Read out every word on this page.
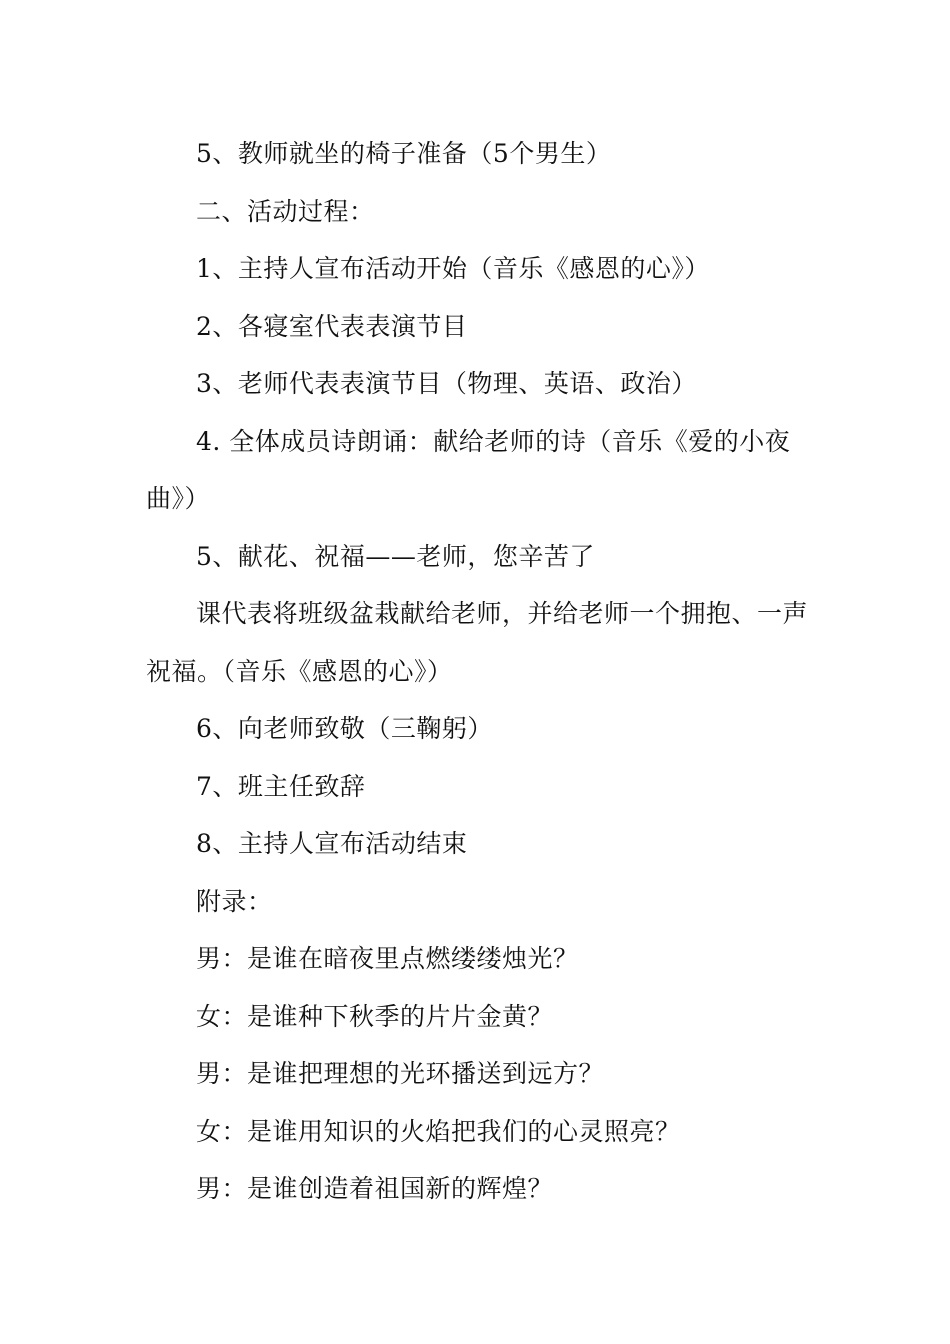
5、教师就坐的椅子准备（5个男生）

二、活动过程：

1、主持人宣布活动开始（音乐《感恩的心》）

2、各寝室代表表演节目

3、老师代表表演节目（物理、英语、政治）

4. 全体成员诗朗诵：献给老师的诗（音乐《爱的小夜曲》）

5、献花、祝福——老师，您辛苦了

课代表将班级盆栽献给老师，并给老师一个拥抱、一声祝福。（音乐《感恩的心》）

6、向老师致敬（三鞠躬）

7、班主任致辞

8、主持人宣布活动结束

附录：

男：是谁在暗夜里点燃缕缕烛光？

女：是谁种下秋季的片片金黄？

男：是谁把理想的光环播送到远方？

女：是谁用知识的火焰把我们的心灵照亮？

男：是谁创造着祖国新的辉煌？
